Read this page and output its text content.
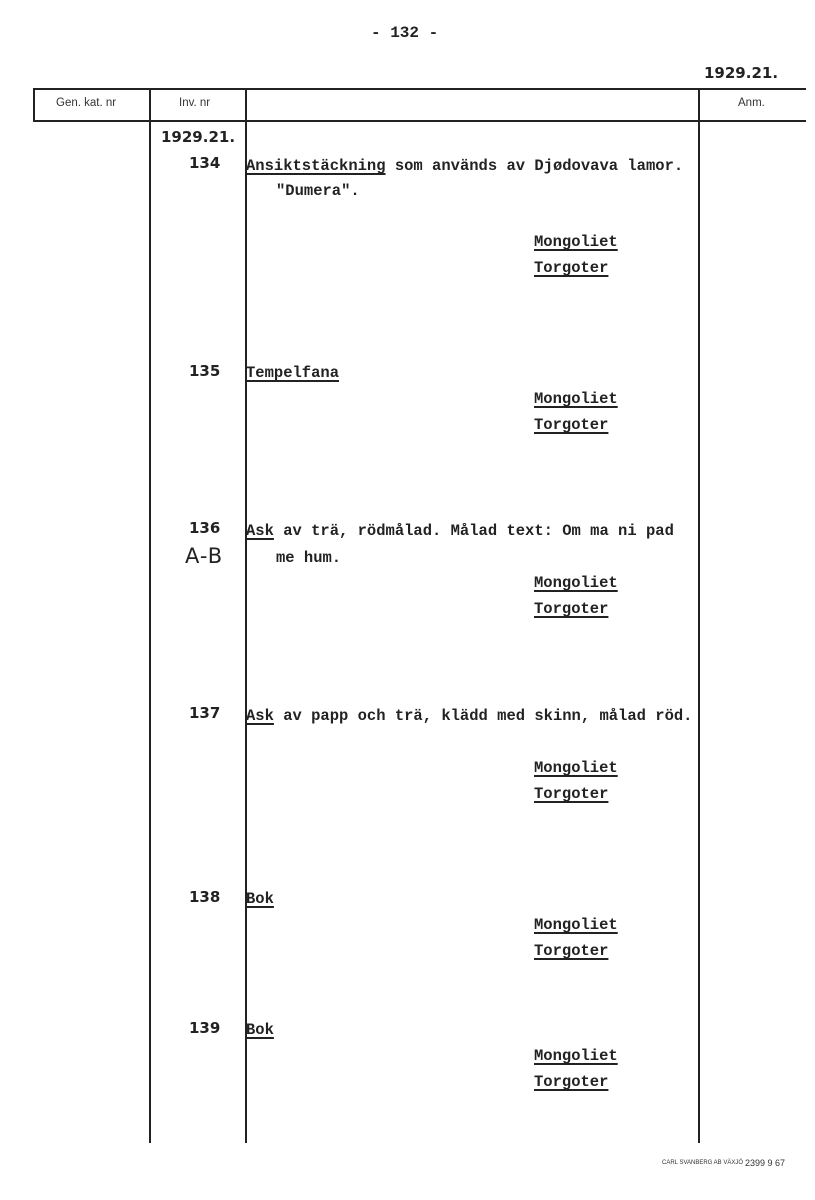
- 132 -
1929.21.
Gen. kat. nr	Inv. nr	Anm.
1929.21.
134 Ansiktstäckning som används av Djødovava lamor.
"Dumera".
Mongoliet
Torgoter
135 Tempelfana
Mongoliet
Torgoter
136
A-B
Ask av trä, rödmålad. Målad text: Om ma ni pad
me hum.
Mongoliet
Torgoter
137 Ask av papp och trä, klädd med skinn, målad röd.
Mongoliet
Torgoter
138 Bok
Mongoliet
Torgoter
139 Bok
Mongoliet
Torgoter
CARL SVANBERG AB VÄXJÖ 2399 9 67
